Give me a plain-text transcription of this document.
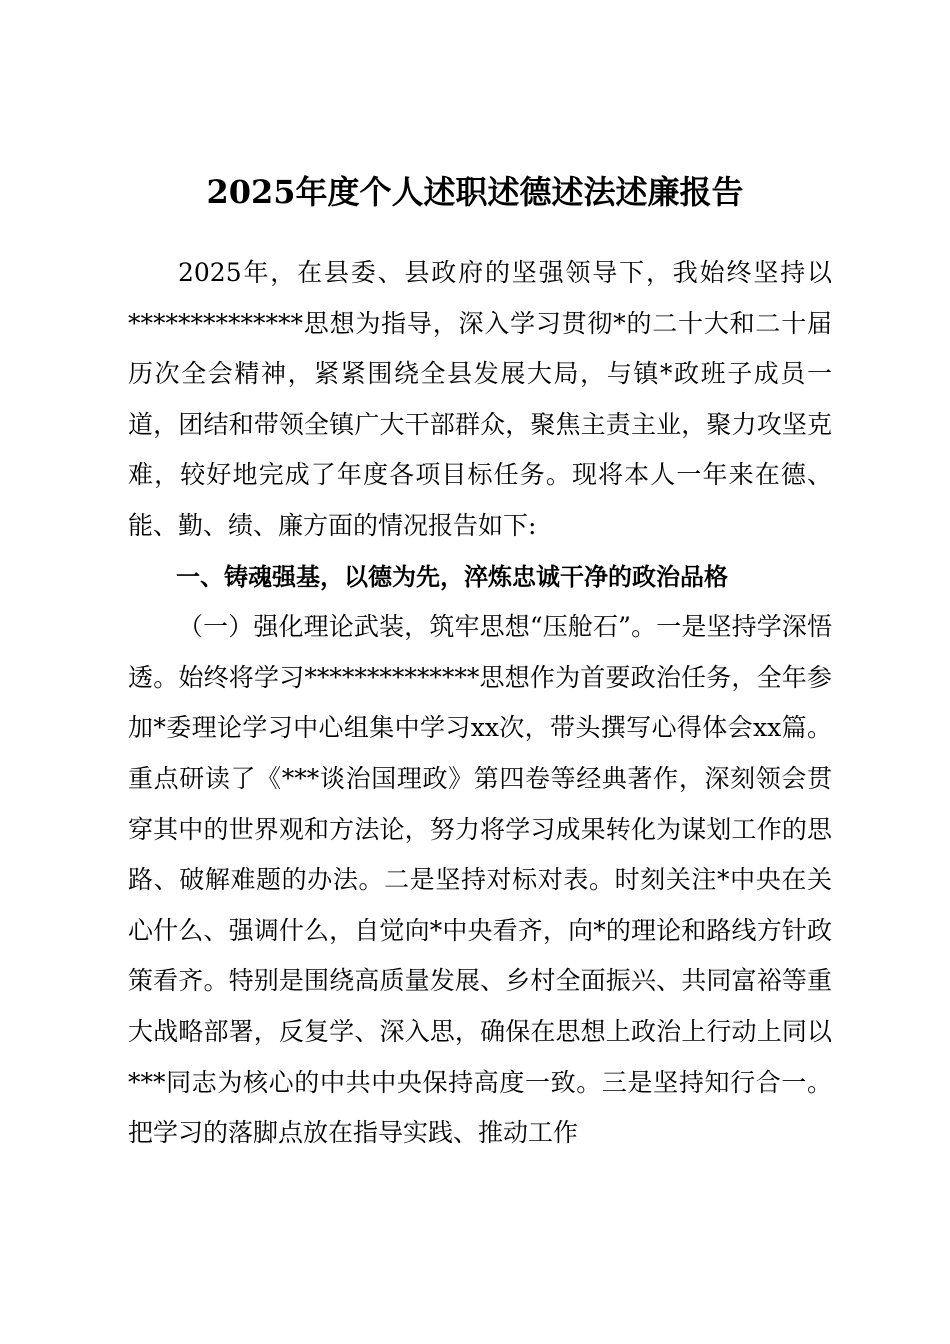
2025年度个人述职述德述法述廉报告

2025年，在县委、县政府的坚强领导下，我始终坚持以**************思想为指导，深入学习贯彻*的二十大和二十届历次全会精神，紧紧围绕全县发展大局，与镇*政班子成员一道，团结和带领全镇广大干部群众，聚焦主责主业，聚力攻坚克难，较好地完成了年度各项目标任务。现将本人一年来在德、能、勤、绩、廉方面的情况报告如下:

一、铸魂强基，以德为先，淬炼忠诚干净的政治品格

（一）强化理论武装，筑牢思想“压舱石”。一是坚持学深悟透。始终将学习**************思想作为首要政治任务，全年参加*委理论学习中心组集中学习xx次，带头撰写心得体会xx篇。重点研读了《***谈治国理政》第四卷等经典著作，深刻领会贯穿其中的世界观和方法论，努力将学习成果转化为谋划工作的思路、破解难题的办法。二是坚持对标对表。时刻关注*中央在关心什么、强调什么，自觉向*中央看齐，向*的理论和路线方针政策看齐。特别是围绕高质量发展、乡村全面振兴、共同富裕等重大战略部署，反复学、深入思，确保在思想上政治上行动上同以***同志为核心的中共中央保持高度一致。三是坚持知行合一。把学习的落脚点放在指导实践、推动工作
